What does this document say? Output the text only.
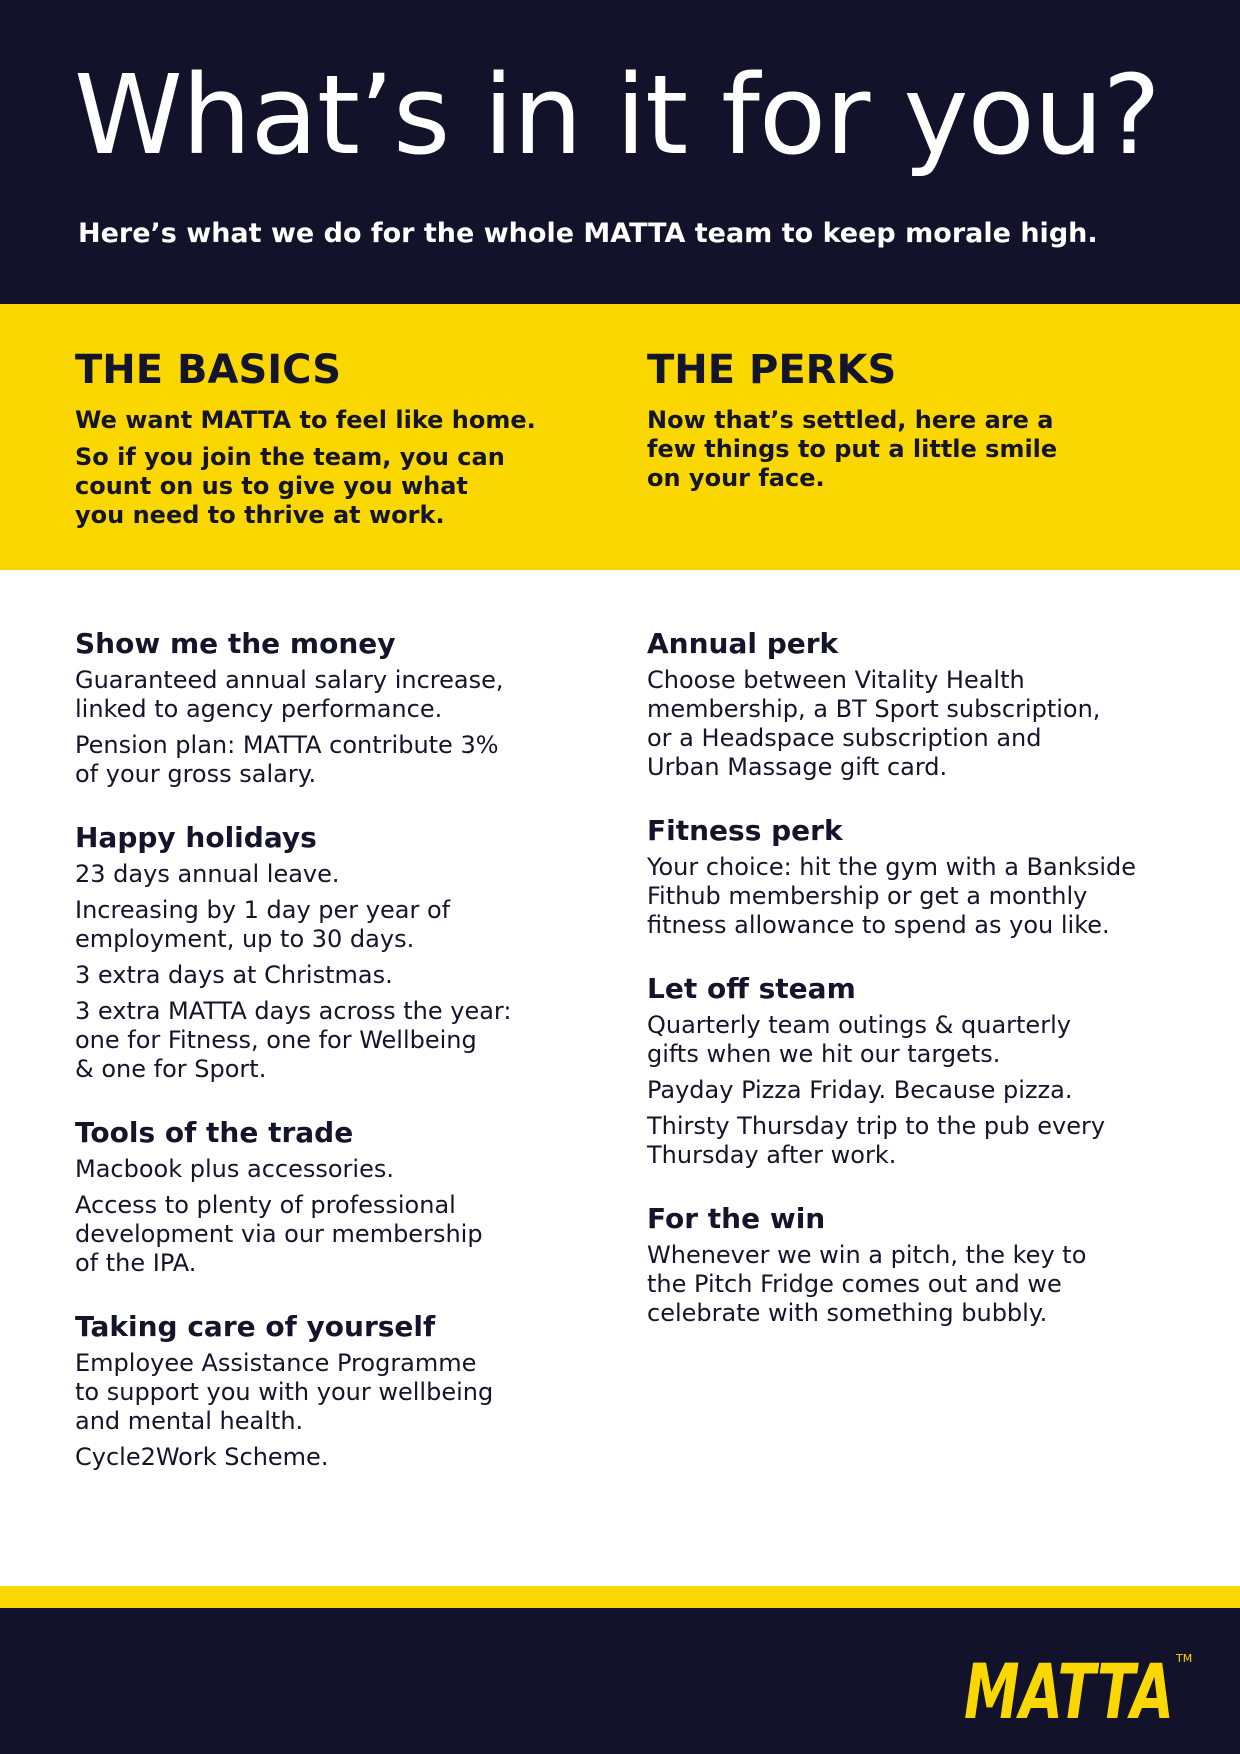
What’s in it for you?

Here’s what we do for the whole MATTA team to keep morale high.

THE BASICS

We want MATTA to feel like home.

So if you join the team, you can
count on us to give you what
you need to thrive at work.

THE PERKS

Now that’s settled, here are a
few things to put a little smile
on your face.

Show me the money

Guaranteed annual salary increase,
linked to agency performance.

Pension plan: MATTA contribute 3%
of your gross salary.

Happy holidays

23 days annual leave.

Increasing by 1 day per year of
employment, up to 30 days.

3 extra days at Christmas.

3 extra MATTA days across the year:
one for Fitness, one for Wellbeing
& one for Sport.

Tools of the trade

Macbook plus accessories.

Access to plenty of professional
development via our membership
of the IPA.

Taking care of yourself

Employee Assistance Programme
to support you with your wellbeing
and mental health.

Cycle2Work Scheme.

Annual perk

Choose between Vitality Health
membership, a BT Sport subscription,
or a Headspace subscription and
Urban Massage gift card.

Fitness perk

Your choice: hit the gym with a Bankside
Fithub membership or get a monthly
fitness allowance to spend as you like.

Let off steam

Quarterly team outings & quarterly
gifts when we hit our targets.

Payday Pizza Friday. Because pizza.

Thirsty Thursday trip to the pub every
Thursday after work.

For the win

Whenever we win a pitch, the key to
the Pitch Fridge comes out and we
celebrate with something bubbly.

MATTA TM
